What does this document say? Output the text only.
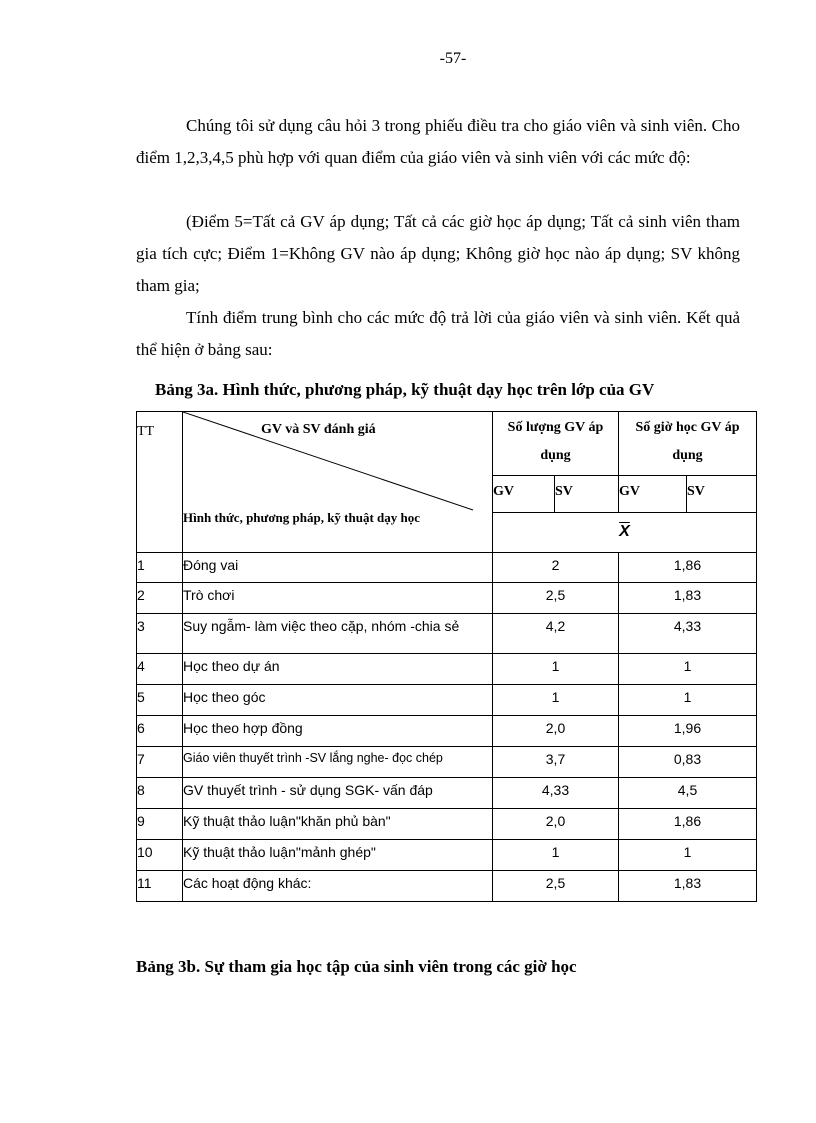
-57-

Chúng tôi sử dụng câu hỏi 3 trong phiếu điều tra cho giáo viên và sinh viên. Cho điểm 1,2,3,4,5 phù hợp với quan điểm của giáo viên và sinh viên với các mức độ:

(Điểm 5=Tất cả GV áp dụng; Tất cả các giờ học áp dụng; Tất cả sinh viên tham gia tích cực; Điểm 1=Không GV nào áp dụng; Không giờ học nào áp dụng; SV không tham gia;

Tính điểm trung bình cho các mức độ trả lời của giáo viên và sinh viên. Kết quả thể hiện ở bảng sau:

Bảng 3a. Hình thức, phương pháp, kỹ thuật dạy học trên lớp của GV
TT	GV và SV đánh giá
Hình thức, phương pháp, kỹ thuật dạy học	Số lượng GV áp dụng		Số giờ học GV áp dụng	
		GV	SV	GV	SV
		$\overline{X}$
1	Đóng vai	2		1,86	
2	Trò chơi	2,5		1,83	
3	Suy ngẫm- làm việc theo cặp, nhóm -chia sẻ	4,2		4,33	
4	Học theo dự án	1		1	
5	Học theo góc	1		1	
6	Học theo hợp đồng	2,0		1,96	
7	Giáo viên thuyết trình -SV lắng nghe- đọc chép	3,7		0,83	
8	GV thuyết trình - sử dụng SGK- vấn đáp	4,33		4,5	
9	Kỹ thuật thảo luận"khăn phủ bàn"	2,0		1,86	
10	Kỹ thuật thảo luận"mảnh ghép"	1		1	
11	Các hoạt động khác:	2,5		1,83	
Bảng 3b. Sự tham gia học tập của sinh viên trong các giờ học
